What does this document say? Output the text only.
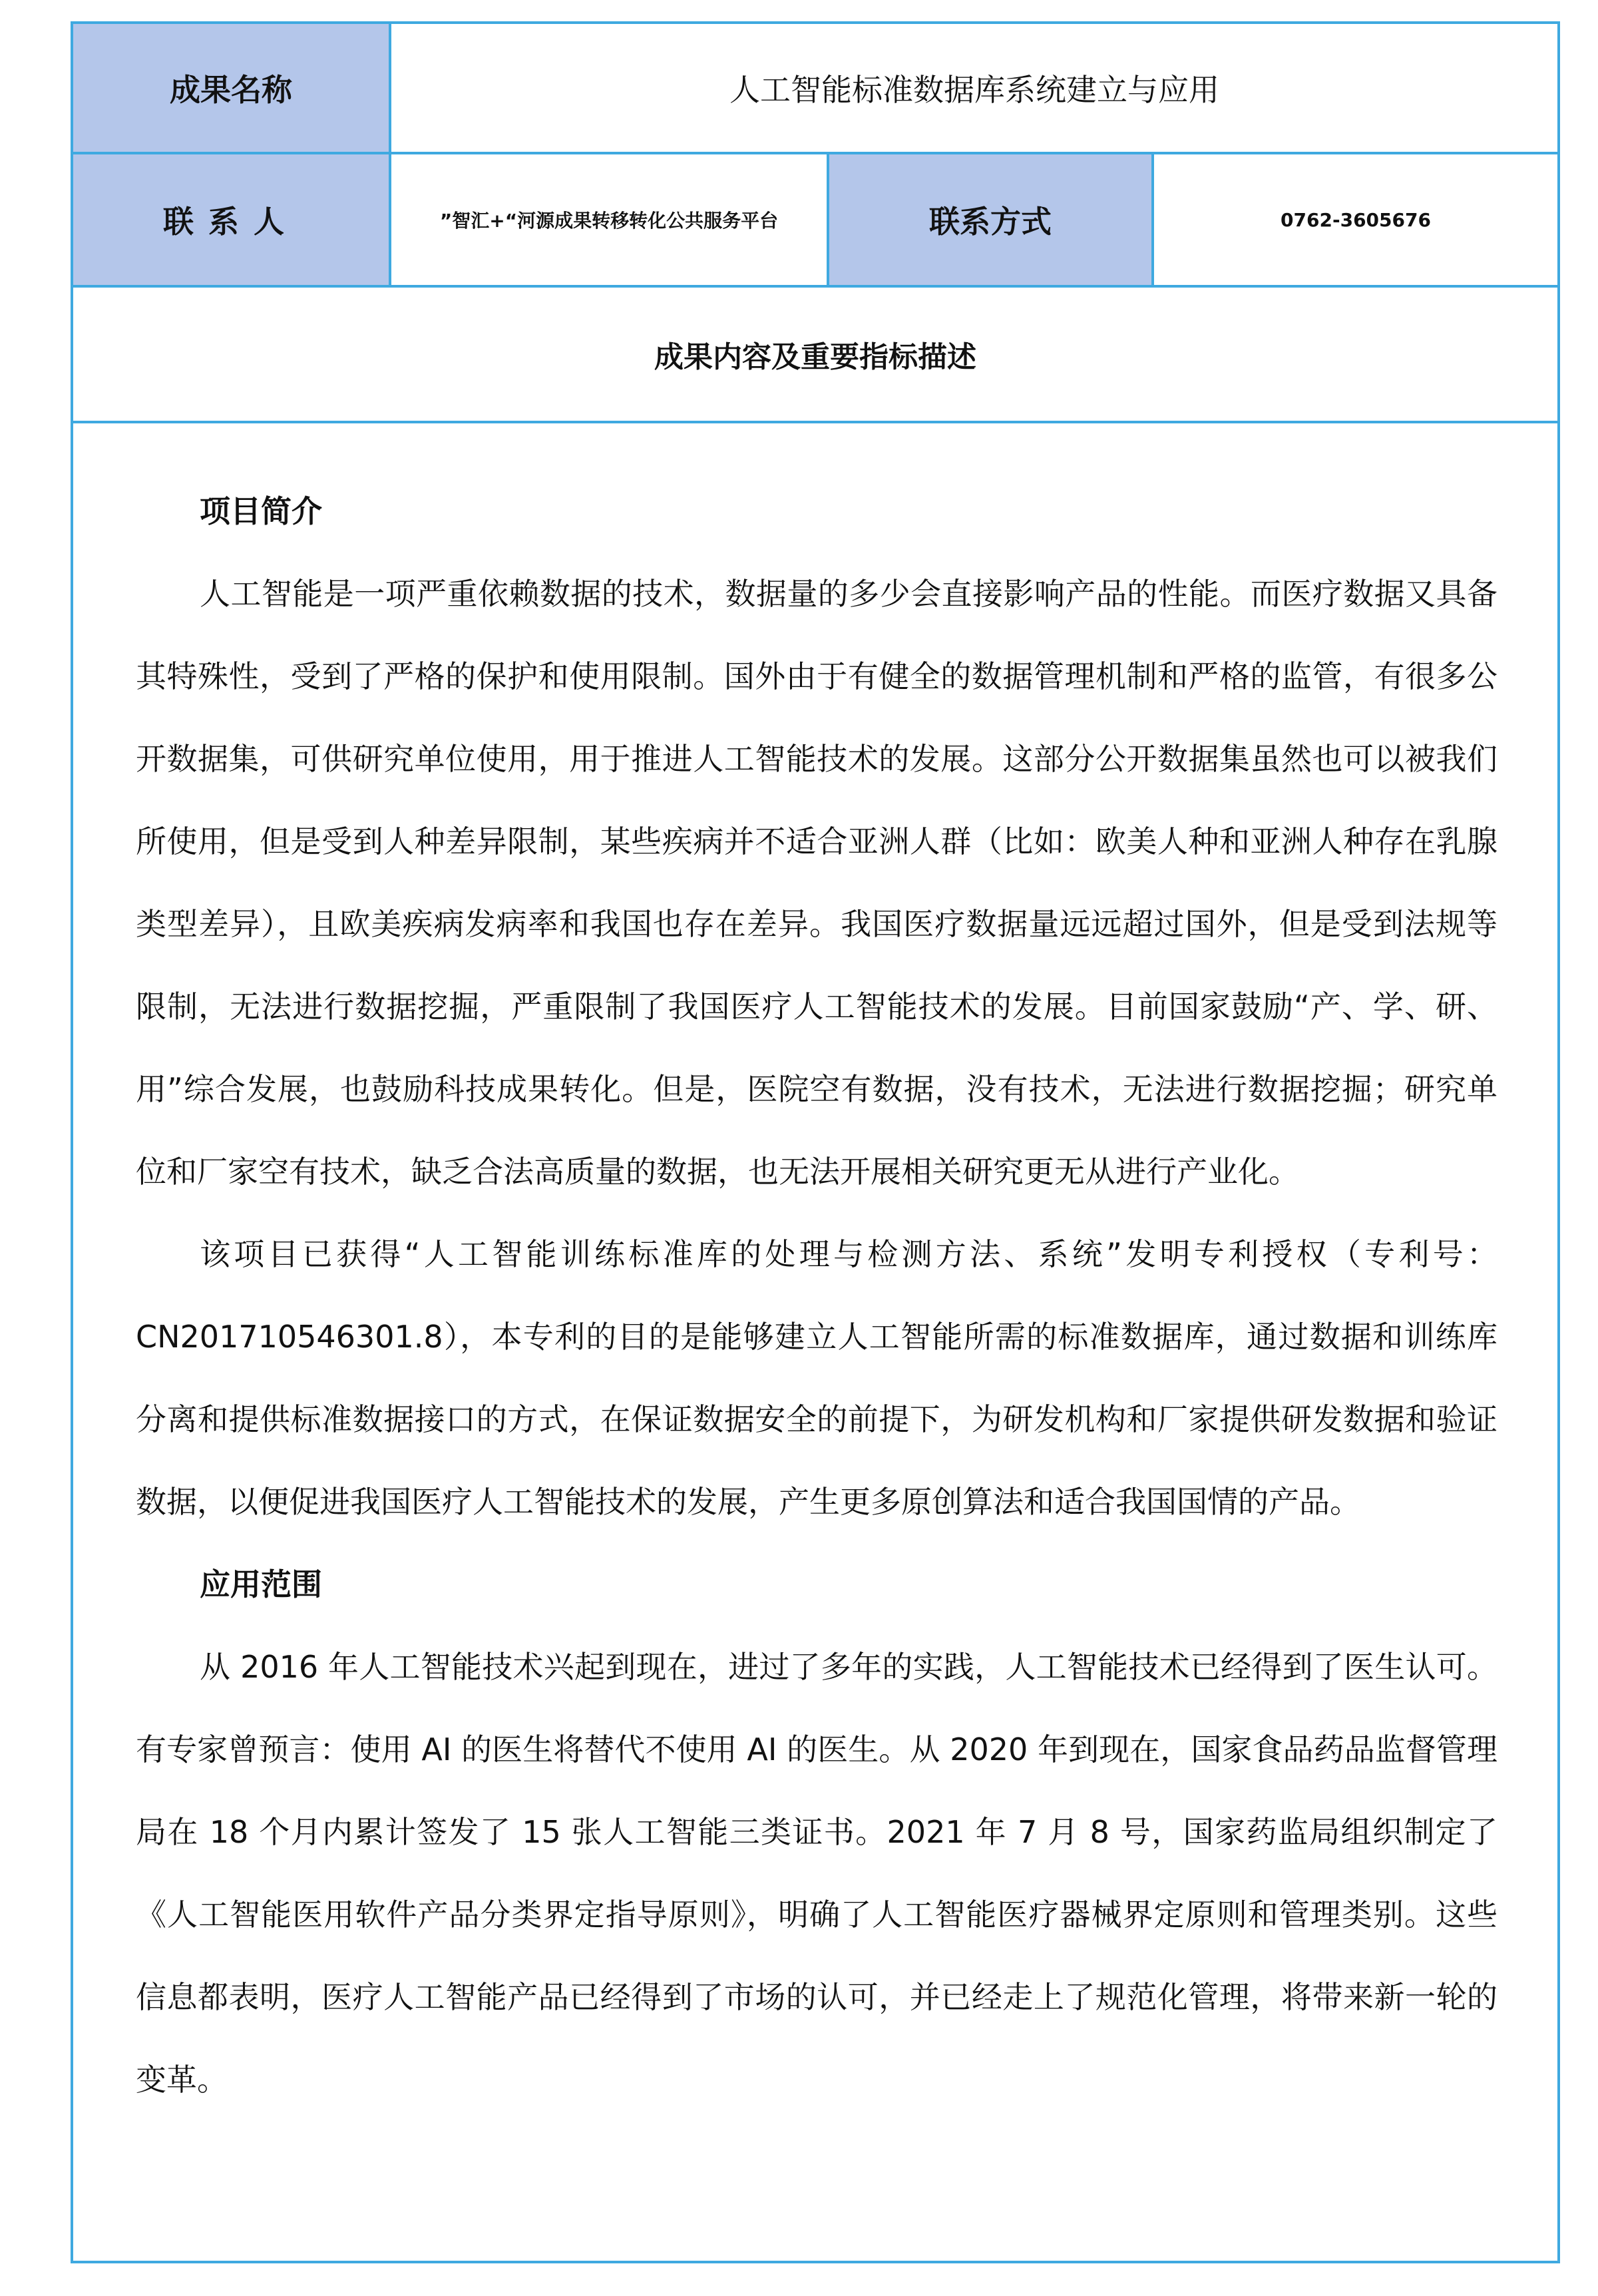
成果名称	人工智能标准数据库系统建立与应用
联系人	”智汇+“河源成果转移转化公共服务平台	联系方式	0762-3605676
成果内容及重要指标描述
项目简介

人工智能是一项严重依赖数据的技术，数据量的多少会直接影响产品的性能。而医疗数据又具备其特殊性，受到了严格的保护和使用限制。国外由于有健全的数据管理机制和严格的监管，有很多公开数据集，可供研究单位使用，用于推进人工智能技术的发展。这部分公开数据集虽然也可以被我们所使用，但是受到人种差异限制，某些疾病并不适合亚洲人群（比如：欧美人种和亚洲人种存在乳腺类型差异），且欧美疾病发病率和我国也存在差异。我国医疗数据量远远超过国外，但是受到法规等限制，无法进行数据挖掘，严重限制了我国医疗人工智能技术的发展。目前国家鼓励“产、学、研、用”综合发展，也鼓励科技成果转化。但是，医院空有数据，没有技术，无法进行数据挖掘；研究单位和厂家空有技术，缺乏合法高质量的数据，也无法开展相关研究更无从进行产业化。

该项目已获得“人工智能训练标准库的处理与检测方法、系统”发明专利授权（专利号：CN201710546301.8），本专利的目的是能够建立人工智能所需的标准数据库，通过数据和训练库分离和提供标准数据接口的方式，在保证数据安全的前提下，为研发机构和厂家提供研发数据和验证数据，以便促进我国医疗人工智能技术的发展，产生更多原创算法和适合我国国情的产品。

应用范围

从 2016 年人工智能技术兴起到现在，进过了多年的实践，人工智能技术已经得到了医生认可。有专家曾预言：使用 AI 的医生将替代不使用 AI 的医生。从 2020 年到现在，国家食品药品监督管理局在 18 个月内累计签发了 15 张人工智能三类证书。2021 年 7 月 8 号，国家药监局组织制定了《人工智能医用软件产品分类界定指导原则》，明确了人工智能医疗器械界定原则和管理类别。这些信息都表明，医疗人工智能产品已经得到了市场的认可，并已经走上了规范化管理，将带来新一轮的变革。
